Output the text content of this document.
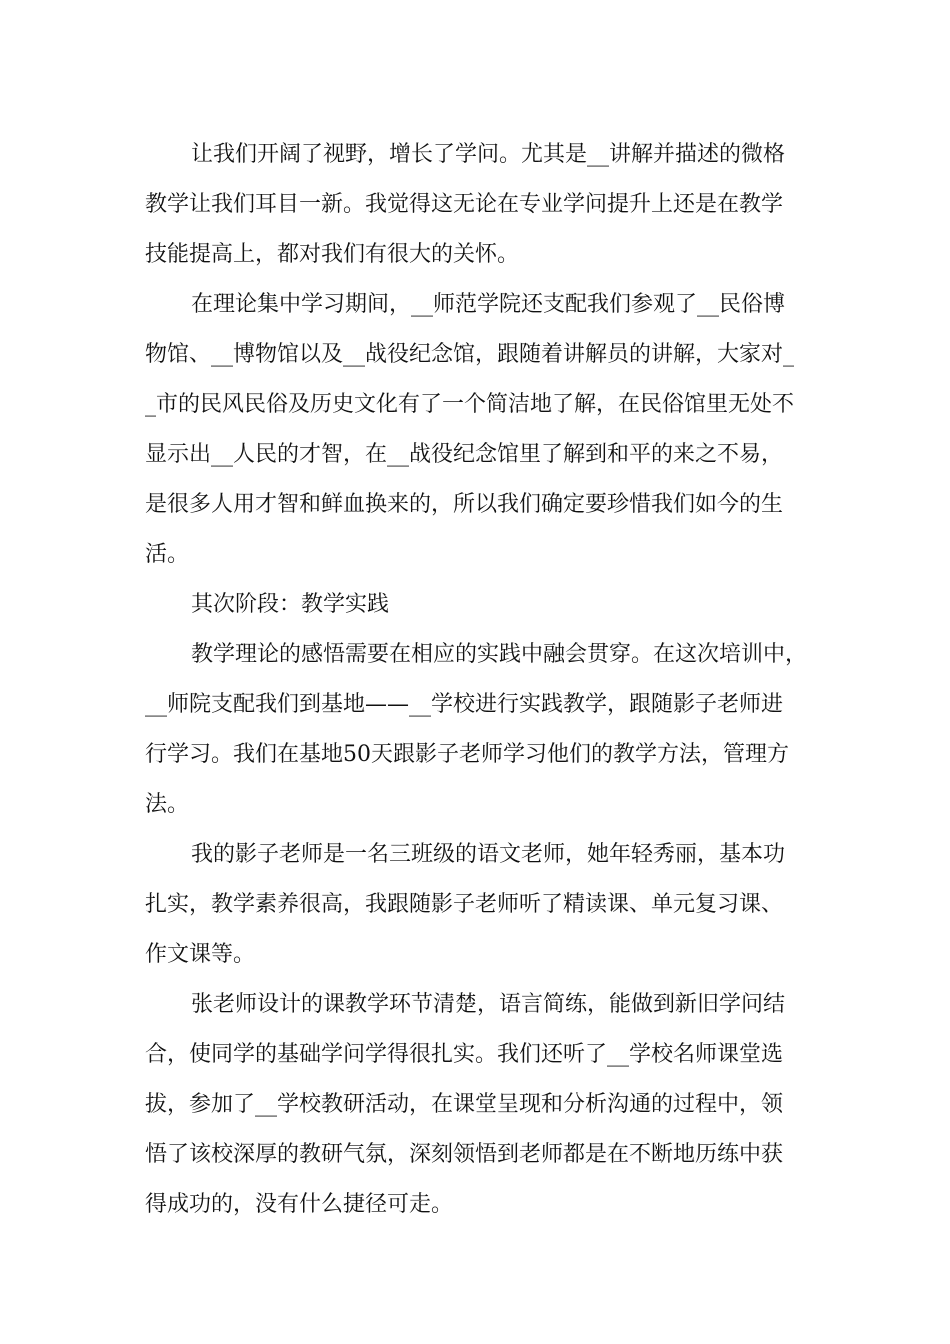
让我们开阔了视野，增长了学问。尤其是__讲解并描述的微格
教学让我们耳目一新。我觉得这无论在专业学问提升上还是在教学
技能提高上，都对我们有很大的关怀。
在理论集中学习期间，__师范学院还支配我们参观了__民俗博
物馆、__博物馆以及__战役纪念馆，跟随着讲解员的讲解，大家对_
_市的民风民俗及历史文化有了一个简洁地了解，在民俗馆里无处不
显示出__人民的才智，在__战役纪念馆里了解到和平的来之不易，
是很多人用才智和鲜血换来的，所以我们确定要珍惜我们如今的生
活。
其次阶段：教学实践
教学理论的感悟需要在相应的实践中融会贯穿。在这次培训中，
__师院支配我们到基地——__学校进行实践教学，跟随影子老师进
行学习。我们在基地50天跟影子老师学习他们的教学方法，管理方
法。
我的影子老师是一名三班级的语文老师，她年轻秀丽，基本功
扎实，教学素养很高，我跟随影子老师听了精读课、单元复习课、
作文课等。
张老师设计的课教学环节清楚，语言简练，能做到新旧学问结
合，使同学的基础学问学得很扎实。我们还听了__学校名师课堂选
拔，参加了__学校教研活动，在课堂呈现和分析沟通的过程中，领
悟了该校深厚的教研气氛，深刻领悟到老师都是在不断地历练中获
得成功的，没有什么捷径可走。
